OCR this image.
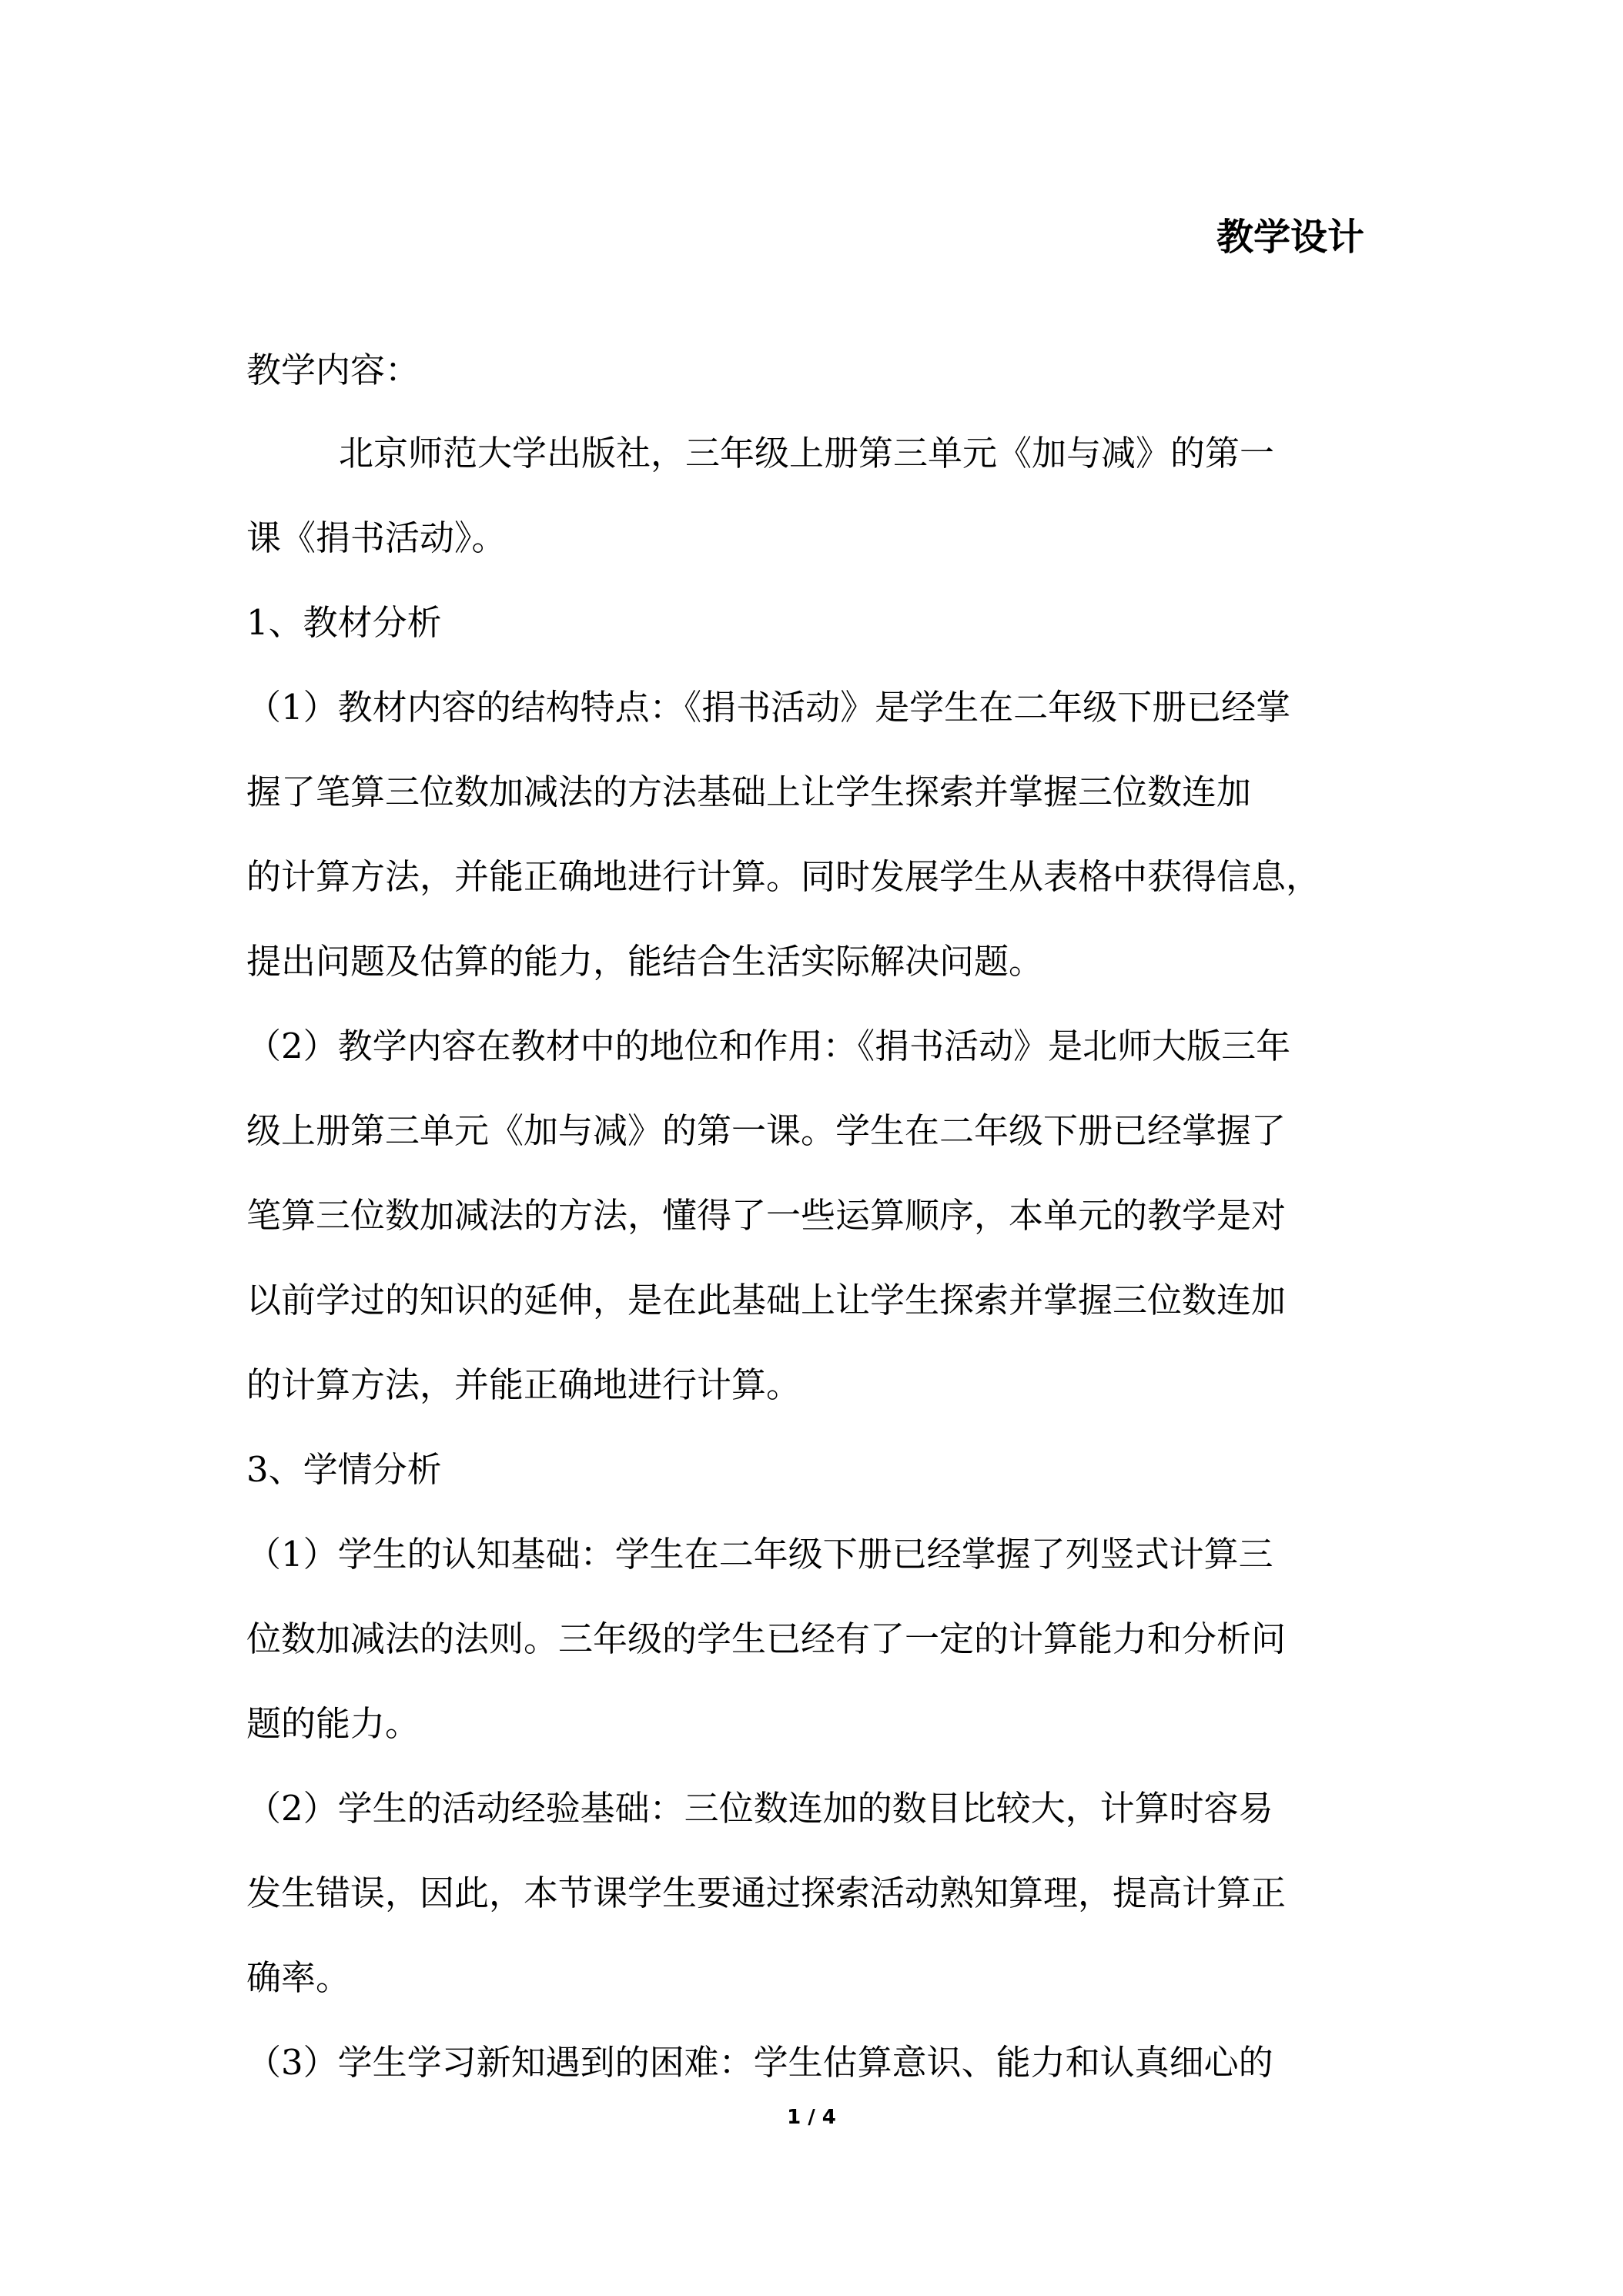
教学设计
教学内容：
北京师范大学出版社，三年级上册第三单元《加与减》的第一
课《捐书活动》。
1、教材分析
（1）教材内容的结构特点：《捐书活动》是学生在二年级下册已经掌
握了笔算三位数加减法的方法基础上让学生探索并掌握三位数连加
的计算方法，并能正确地进行计算。同时发展学生从表格中获得信息，
提出问题及估算的能力，能结合生活实际解决问题。
（2）教学内容在教材中的地位和作用：《捐书活动》是北师大版三年
级上册第三单元《加与减》的第一课。学生在二年级下册已经掌握了
笔算三位数加减法的方法，懂得了一些运算顺序，本单元的教学是对
以前学过的知识的延伸，是在此基础上让学生探索并掌握三位数连加
的计算方法，并能正确地进行计算。
3、学情分析
（1）学生的认知基础：学生在二年级下册已经掌握了列竖式计算三
位数加减法的法则。三年级的学生已经有了一定的计算能力和分析问
题的能力。
（2）学生的活动经验基础：三位数连加的数目比较大，计算时容易
发生错误，因此，本节课学生要通过探索活动熟知算理，提高计算正
确率。
（3）学生学习新知遇到的困难：学生估算意识、能力和认真细心的
1 / 4
